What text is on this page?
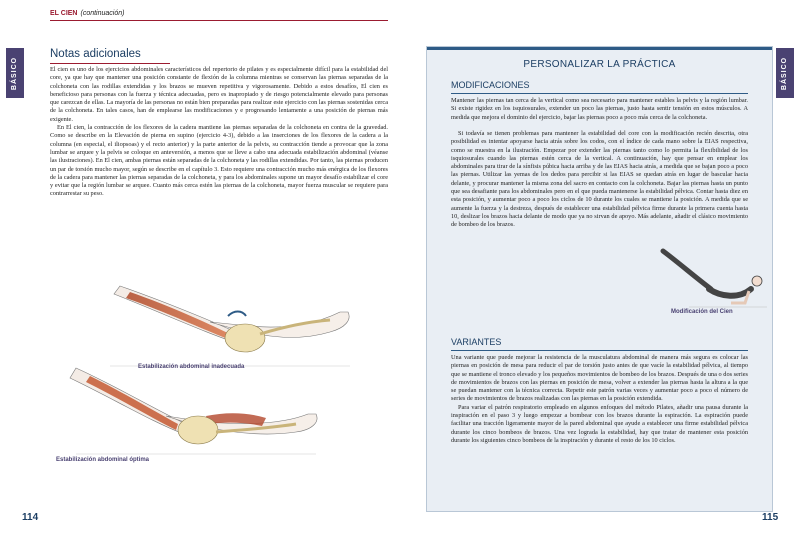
BÁSICO
EL CIEN (continuación)
Notas adicionales

El cien es uno de los ejercicios abdominales característicos del repertorio de pilates y es especialmente difícil para la estabilidad del core, ya que hay que mantener una posición constante de flexión de la columna mientras se conservan las piernas separadas de la colchoneta con las rodillas extendidas y los brazos se mueven repetitiva y vigorosamente. Debido a estos desafíos, El cien es beneficioso para personas con la fuerza y técnica adecuadas, pero es inapropiado y de riesgo potencialmente elevado para personas que carezcan de ellas. La mayoría de las personas no están bien preparadas para realizar este ejercicio con las piernas sostenidas cerca de la colchoneta. En tales casos, han de emplearse las modificaciones y e progresando lentamente a una posición de piernas más exigente.

En El cien, la contracción de los flexores de la cadera mantiene las piernas separadas de la colchoneta en contra de la gravedad. Como se describe en la Elevación de pierna en supino (ejercicio 4-3), debido a las inserciones de los flexores de la cadera a la columna (en especial, el iliopsoas) y el recto anterior) y la parte anterior de la pelvis, su contracción tiende a provocar que la zona lumbar se arquee y la pelvis se coloque en anteversión, a menos que se lleve a cabo una adecuada estabilización abdominal (véanse las ilustraciones). En El cien, ambas piernas están separadas de la colchoneta y las rodillas extendidas. Por tanto, las piernas producen un par de torsión mucho mayor, según se describe en el capítulo 3. Esto requiere una contracción mucho más enérgica de los flexores de la cadera para mantener las piernas separadas de la colchoneta, y para los abdominales supone un mayor desafío estabilizar el core y evitar que la región lumbar se arquee. Cuanto más cerca estén las piernas de la colchoneta, mayor fuerza muscular se requiere para contrarrestar su peso.

Estabilización abdominal inadecuada
Estabilización abdominal óptima
114
BÁSICO
PERSONALIZAR LA PRÁCTICA
MODIFICACIONES

Mantener las piernas tan cerca de la vertical como sea necesario para mantener estables la pelvis y la región lumbar. Si existe rigidez en los isquiosurales, extender un poco las piernas, justo hasta sentir tensión en estos músculos. A medida que mejora el dominio del ejercicio, bajar las piernas poco a poco más cerca de la colchoneta.

Si todavía se tienen problemas para mantener la estabilidad del core con la modificación recién descrita, otra posibilidad es intentar apoyarse hacia atrás sobre los codos, con el índice de cada mano sobre la EIAS respectiva, como se muestra en la ilustración. Empezar por extender las piernas tanto como lo permita la flexibilidad de los isquiosurales cuando las piernas estén cerca de la vertical. A continuación, hay que pensar en emplear los abdominales para tirar de la sínfisis púbica hacia arriba y de las EIAS hacia atrás, a medida que se bajan poco a poco las piernas. Utilizar las yemas de los dedos para percibir si las EIAS se quedan atrás en lugar de bascular hacia delante, y procurar mantener la misma zona del sacro en contacto con la colchoneta. Bajar las piernas hasta un punto que sea desafiante para los abdominales pero en el que pueda mantenerse la estabilidad pélvica. Contar hasta diez en esta posición, y aumentar poco a poco los ciclos de 10 durante los cuales se mantiene la posición. A medida que se aumente la fuerza y la destreza, después de establecer una estabilidad pélvica firme durante la primera cuenta hasta 10, deslizar los brazos hacia delante de modo que ya no sirvan de apoyo. Más adelante, añadir el clásico movimiento de bombeo de los brazos.

Modificación del Cien
VARIANTES

Una variante que puede mejorar la resistencia de la musculatura abdominal de manera más segura es colocar las piernas en posición de mesa para reducir el par de torsión justo antes de que vacíe la estabilidad pélvica, al tiempo que se mantiene el tronco elevado y los pequeños movimientos de bombeo de los brazos. Después de una o dos series de movimientos de brazos con las piernas en posición de mesa, volver a extender las piernas hasta la altura a la que se puedan mantener con la técnica correcta. Repetir este patrón varias veces y aumentar poco a poco el número de series de movimientos de brazos realizadas con las piernas en la posición extendida.

Para variar el patrón respiratorio empleado en algunos enfoques del método Pilates, añadir una pausa durante la inspiración en el paso 3 y luego empezar a bombear con los brazos durante la espiración. La espiración puede facilitar una tracción ligeramente mayor de la pared abdominal que ayude a establecer una firme estabilidad pélvica durante los cinco bombeos de brazos. Una vez lograda la estabilidad, hay que tratar de mantener esta posición durante los siguientes cinco bombeos de la inspiración y durante el resto de los 10 ciclos.

115
